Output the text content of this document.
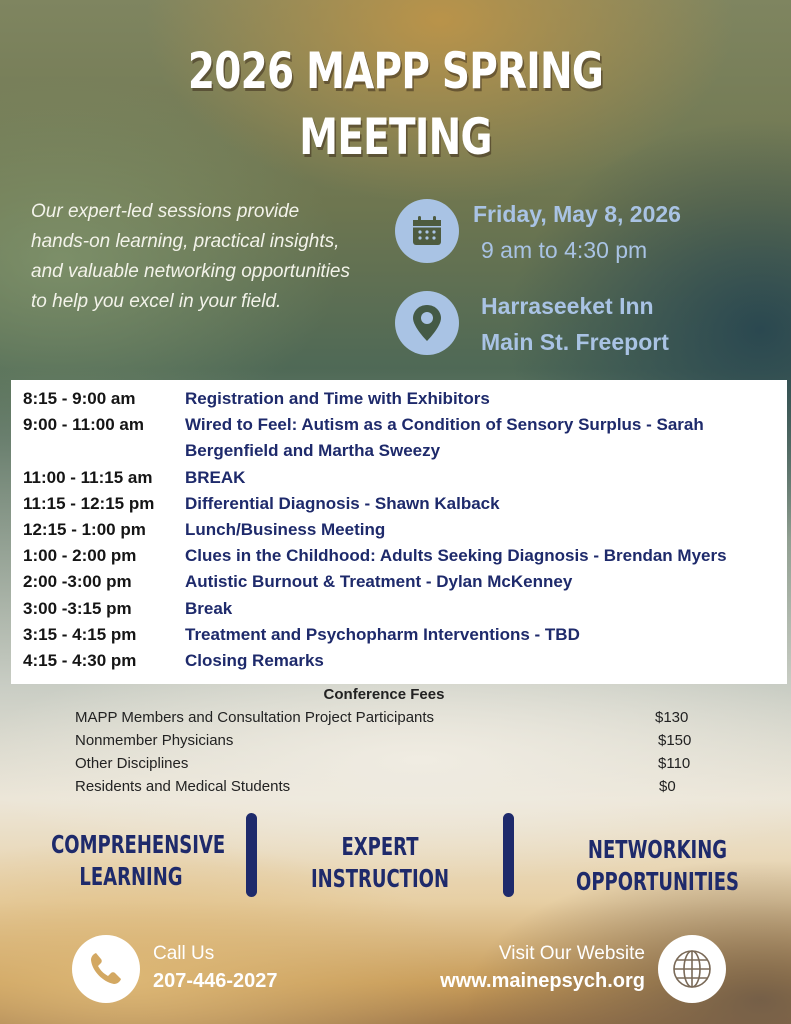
2026 MAPP SPRING
MEETING
Our expert-led sessions provide hands-on learning, practical insights, and valuable networking opportunities to help you excel in your field.
Friday, May 8, 2026
9 am to 4:30 pm
Harraseeket Inn
Main St. Freeport
8:15 - 9:00 am	Registration and Time with Exhibitors
9:00 - 11:00 am	Wired to Feel: Autism as a Condition of Sensory Surplus - Sarah Bergenfield and Martha Sweezy
11:00 - 11:15 am	BREAK
11:15 - 12:15 pm	Differential Diagnosis - Shawn Kalback
12:15 - 1:00 pm	Lunch/Business Meeting
1:00 - 2:00 pm	Clues in the Childhood: Adults Seeking Diagnosis - Brendan Myers
2:00 -3:00 pm	Autistic Burnout & Treatment - Dylan McKenney
3:00 -3:15 pm	Break
3:15 - 4:15 pm	Treatment and Psychopharm Interventions - TBD
4:15 - 4:30 pm	Closing Remarks
Conference Fees
MAPP Members and Consultation Project Participants	$130
Nonmember Physicians	$150
Other Disciplines	$110
Residents and Medical Students	$0
COMPREHENSIVE
LEARNING
EXPERT
INSTRUCTION
NETWORKING
OPPORTUNITIES
Call Us
207-446-2027
Visit Our Website
www.mainepsych.org
